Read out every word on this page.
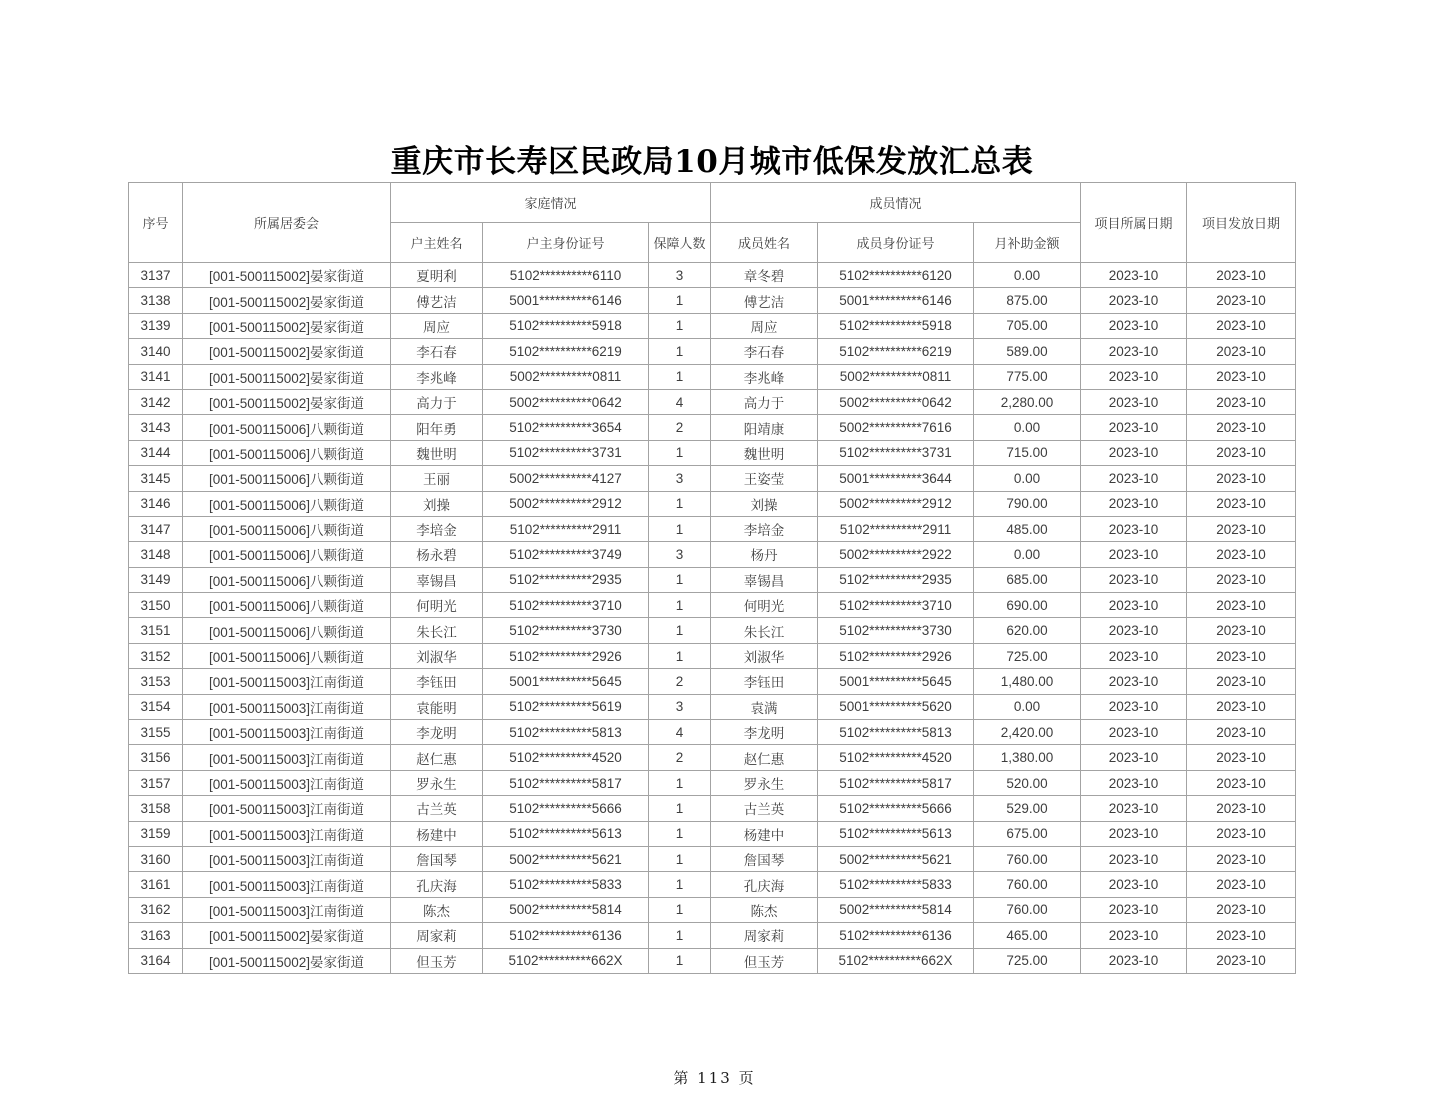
重庆市长寿区民政局10月城市低保发放汇总表
序号	所属居委会	家庭情况			成员情况			项目所属日期	项目发放日期
		户主姓名	户主身份证号	保障人数	成员姓名	成员身份证号	月补助金额		
3137	[001-500115002]晏家街道	夏明利	5102**********6110	3	章冬碧	5102**********6120	0.00	2023-10	2023-10
3138	[001-500115002]晏家街道	傅艺洁	5001**********6146	1	傅艺洁	5001**********6146	875.00	2023-10	2023-10
3139	[001-500115002]晏家街道	周应	5102**********5918	1	周应	5102**********5918	705.00	2023-10	2023-10
3140	[001-500115002]晏家街道	李石春	5102**********6219	1	李石春	5102**********6219	589.00	2023-10	2023-10
3141	[001-500115002]晏家街道	李兆峰	5002**********0811	1	李兆峰	5002**********0811	775.00	2023-10	2023-10
3142	[001-500115002]晏家街道	高力于	5002**********0642	4	高力于	5002**********0642	2,280.00	2023-10	2023-10
3143	[001-500115006]八颗街道	阳年勇	5102**********3654	2	阳靖康	5002**********7616	0.00	2023-10	2023-10
3144	[001-500115006]八颗街道	魏世明	5102**********3731	1	魏世明	5102**********3731	715.00	2023-10	2023-10
3145	[001-500115006]八颗街道	王丽	5002**********4127	3	王姿莹	5001**********3644	0.00	2023-10	2023-10
3146	[001-500115006]八颗街道	刘操	5002**********2912	1	刘操	5002**********2912	790.00	2023-10	2023-10
3147	[001-500115006]八颗街道	李培金	5102**********2911	1	李培金	5102**********2911	485.00	2023-10	2023-10
3148	[001-500115006]八颗街道	杨永碧	5102**********3749	3	杨丹	5002**********2922	0.00	2023-10	2023-10
3149	[001-500115006]八颗街道	辜锡昌	5102**********2935	1	辜锡昌	5102**********2935	685.00	2023-10	2023-10
3150	[001-500115006]八颗街道	何明光	5102**********3710	1	何明光	5102**********3710	690.00	2023-10	2023-10
3151	[001-500115006]八颗街道	朱长江	5102**********3730	1	朱长江	5102**********3730	620.00	2023-10	2023-10
3152	[001-500115006]八颗街道	刘淑华	5102**********2926	1	刘淑华	5102**********2926	725.00	2023-10	2023-10
3153	[001-500115003]江南街道	李钰田	5001**********5645	2	李钰田	5001**********5645	1,480.00	2023-10	2023-10
3154	[001-500115003]江南街道	袁能明	5102**********5619	3	袁满	5001**********5620	0.00	2023-10	2023-10
3155	[001-500115003]江南街道	李龙明	5102**********5813	4	李龙明	5102**********5813	2,420.00	2023-10	2023-10
3156	[001-500115003]江南街道	赵仁惠	5102**********4520	2	赵仁惠	5102**********4520	1,380.00	2023-10	2023-10
3157	[001-500115003]江南街道	罗永生	5102**********5817	1	罗永生	5102**********5817	520.00	2023-10	2023-10
3158	[001-500115003]江南街道	古兰英	5102**********5666	1	古兰英	5102**********5666	529.00	2023-10	2023-10
3159	[001-500115003]江南街道	杨建中	5102**********5613	1	杨建中	5102**********5613	675.00	2023-10	2023-10
3160	[001-500115003]江南街道	詹国琴	5002**********5621	1	詹国琴	5002**********5621	760.00	2023-10	2023-10
3161	[001-500115003]江南街道	孔庆海	5102**********5833	1	孔庆海	5102**********5833	760.00	2023-10	2023-10
3162	[001-500115003]江南街道	陈杰	5002**********5814	1	陈杰	5002**********5814	760.00	2023-10	2023-10
3163	[001-500115002]晏家街道	周家莉	5102**********6136	1	周家莉	5102**********6136	465.00	2023-10	2023-10
3164	[001-500115002]晏家街道	但玉芳	5102**********662X	1	但玉芳	5102**********662X	725.00	2023-10	2023-10
第 113 页
